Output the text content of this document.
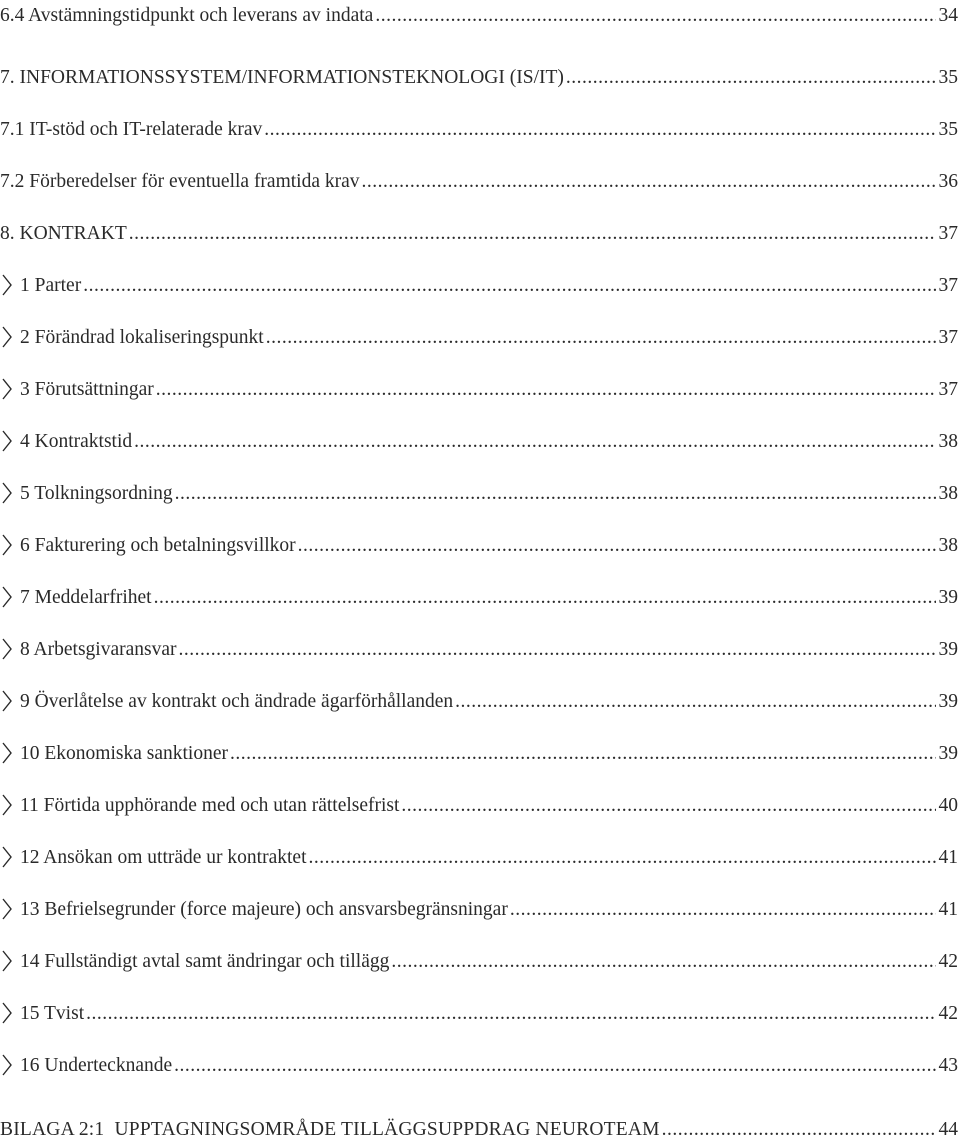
6.4 Avstämningstidpunkt och leverans av indata .....	34
7. INFORMATIONSSYSTEM/INFORMATIONSTEKNOLOGI (IS/IT) .....	35
7.1 IT-stöd och IT-relaterade krav .....	35
7.2 Förberedelser för eventuella framtida krav .....	36
8. KONTRAKT .....	37
1 Parter .....	37
2 Förändrad lokaliseringspunkt .....	37
3 Förutsättningar .....	37
4 Kontraktstid .....	38
5 Tolkningsordning .....	38
6 Fakturering och betalningsvillkor .....	38
7 Meddelarfrihet .....	39
8 Arbetsgivaransvar .....	39
9 Överlåtelse av kontrakt och ändrade ägarförhållanden .....	39
10 Ekonomiska sanktioner .....	39
11 Förtida upphörande med och utan rättelsefrist .....	40
12 Ansökan om utträde ur kontraktet .....	41
13 Befrielsegrunder (force majeure) och ansvarsbegränsningar .....	41
14 Fullständigt avtal samt ändringar och tillägg .....	42
15 Tvist .....	42
16 Undertecknande .....	43
BILAGA 2:1  UPPTAGNINGSOMRÅDE TILLÄGGSUPPDRAG NEUROTEAM .....	44
